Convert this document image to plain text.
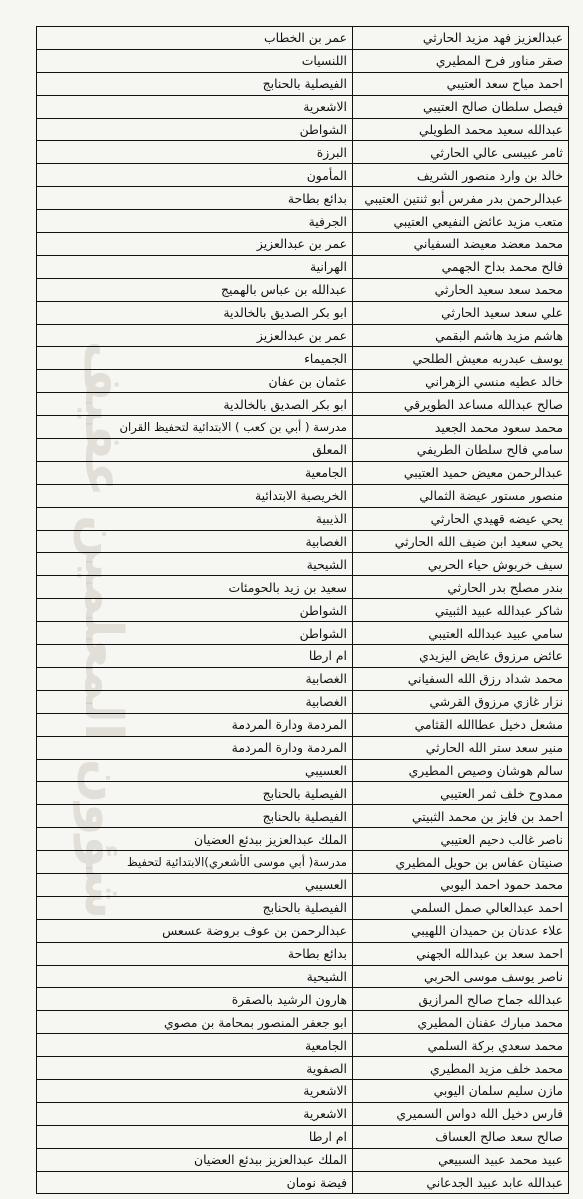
شؤون المعلمين عفيف
عبدالعزيز فهد مزيد الحارثي	عمر بن الخطاب
صقر مناور فرح المطيري	اللنسيات
احمد مياح سعد العتيبي	الفيصلية بالحنابج
فيصل سلطان صالح العتيبي	الاشعرية
عبدالله سعيد محمد الطويلي	الشواطن
ثامر عبيسى عالي الحارثي	البرزة
خالد بن وارد منصور الشريف	المأمون
عبدالرحمن بدر مفرس أبو ثنتين العتيبي	بدائع بطاحة
متعب مزيد عائض النفيعي العتيبي	الجرفية
محمد معضد معيضد السفياني	عمر بن عبدالعزيز
فالح محمد بداح الجهمي	الهرانية
محمد سعد سعيد الحارثي	عبدالله بن عباس بالهميج
علي سعد سعيد الحارثي	ابو بكر الصديق بالخالدية
هاشم مزيد هاشم البقمي	عمر بن عبدالعزيز
يوسف عبدربه معيش الطلحي	الجميماء
خالد عطيه منسي الزهراني	عثمان بن عفان
صالح عبدالله مساعد الطويرقي	ابو بكر الصديق بالخالدية
محمد سعود محمد الجعيد	مدرسة ( أبي بن كعب ) الابتدائية لتحفيظ القران
سامي فالح سلطان الطريفي	المعلق
عبدالرحمن معيض حميد العتيبي	الجامعية
منصور مستور عيضة الثمالي	الخريصية الابتدائية
يحي عيضه قهيدي الحارثي	الذيبية
يحي سعيد ابن ضيف الله الحارثي	الغصابية
سيف خربوش حياء الحربي	الشيحية
بندر مصلح بدر الحارثي	سعيد بن زيد بالحومئات
شاكر عبدالله عبيد الثبيتي	الشواطن
سامي عبيد عبدالله العتيبي	الشواطن
عائض مرزوق عايض اليزيدي	ام ارطا
محمد شداد رزق الله السفياني	الغصابية
نزار غازي مرزوق القرشي	الغصابية
مشعل دخيل عطاالله القثامي	المردمة ودارة المردمة
منير سعد ستر الله الحارثي	المردمة ودارة المردمة
سالم هوشان وصيص المطيري	العسيبي
ممدوح خلف ثمر العتيبي	الفيصلية بالحنابج
احمد بن فايز بن محمد الثبيتي	الفيصلية بالحنابج
ناصر غالب دحيم العتيبي	الملك عبدالعزيز ببدئع العضيان
صنيتان عفاس بن حويل المطيري	مدرسة( أبي موسى الأشعري)الابتدائية لتحفيظ
محمد حمود احمد اليوبي	العسيبي
احمد عبدالعالي صمل السلمي	الفيصلية بالحنابج
علاء عدنان بن حميدان اللهيبي	عبدالرحمن بن عوف بروضة عسعس
احمد سعد بن عبدالله الجهني	بدائع بطاحة
ناصر يوسف موسى الحربي	الشيحية
عبدالله جماح صالح المرازيق	هارون الرشيد بالصقرة
محمد مبارك عفنان المطيري	ابو جعفر المنصور بمحامة بن مصوي
محمد سعدي بركة السلمي	الجامعية
محمد خلف مزيد المطيري	الصفوية
مازن سليم سلمان اليوبي	الاشعرية
فارس دخيل الله دواس السميري	الاشعرية
صالح سعد صالح العساف	ام ارطا
عبيد محمد عبيد السبيعي	الملك عبدالعزيز ببدئع العضيان
عبدالله عابد عبيد الجدعاني	فيضة نومان
